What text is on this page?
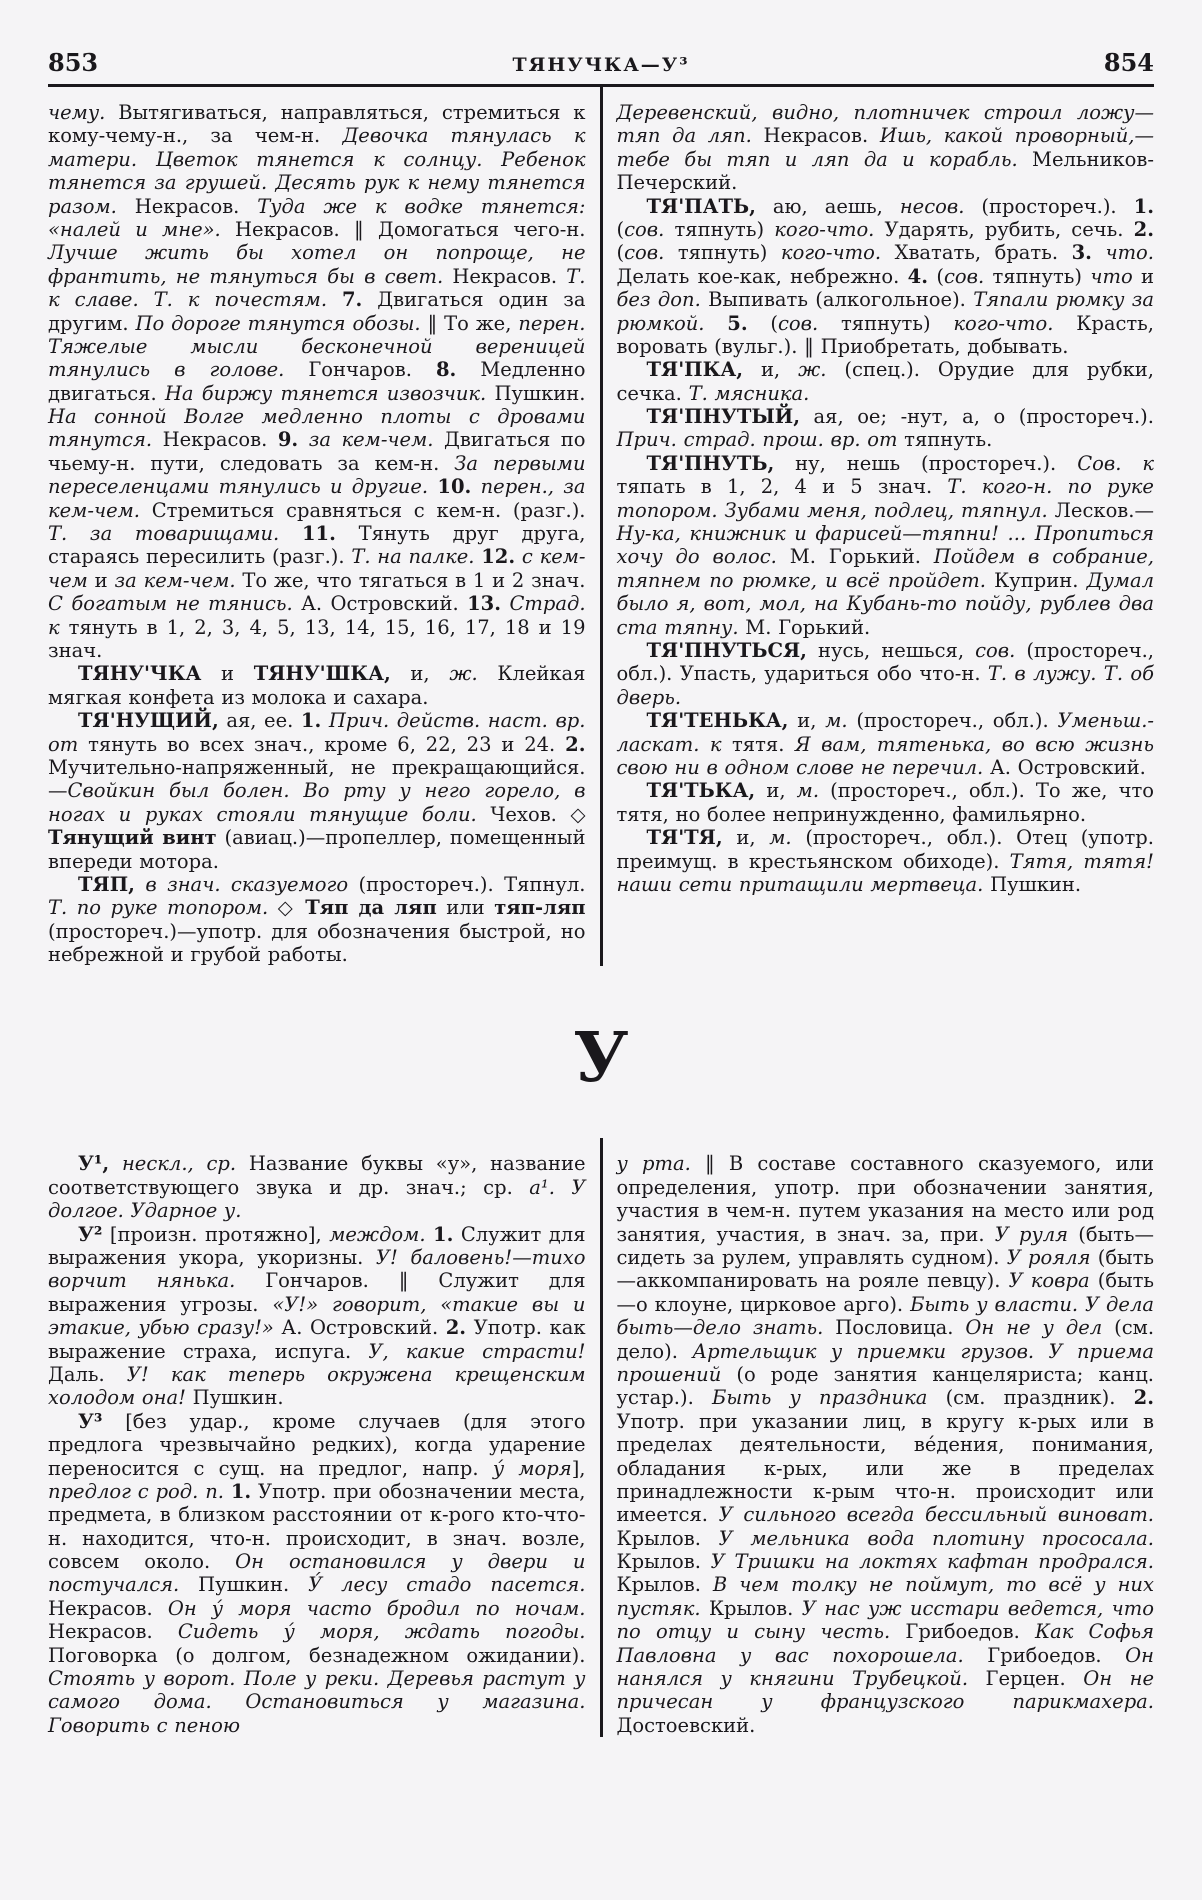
853	ТЯНУЧКА—У³	854

чему. Вытягиваться, направляться, стремиться к кому-чему-н., за чем-н. Девочка тянулась к матери. Цветок тянется к солнцу. Ребенок тянется за грушей. Десять рук к нему тянется разом. Некрасов. Туда же к водке тянется: «налей и мне». Некрасов. ‖ Домогаться чего-н. Лучше жить бы хотел он попроще, не франтить, не тянуться бы в свет. Некрасов. Т. к славе. Т. к почестям. 7. Двигаться один за другим. По дороге тянутся обозы. ‖ То же, перен. Тяжелые мысли бесконечной вереницей тянулись в голове. Гончаров. 8. Медленно двигаться. На биржу тянется извозчик. Пушкин. На сонной Волге медленно плоты с дровами тянутся. Некрасов. 9. за кем-чем. Двигаться по чьему-н. пути, следовать за кем-н. За первыми переселенцами тянулись и другие. 10. перен., за кем-чем. Стремиться сравняться с кем-н. (разг.). Т. за товарищами. 11. Тянуть друг друга, стараясь пересилить (разг.). Т. на палке. 12. с кем-чем и за кем-чем. То же, что тягаться в 1 и 2 знач. С богатым не тянись. А. Островский. 13. Страд. к тянуть в 1, 2, 3, 4, 5, 13, 14, 15, 16, 17, 18 и 19 знач.

ТЯНУ'ЧКА и ТЯНУ'ШКА, и, ж. Клейкая мягкая конфета из молока и сахара.

ТЯ'НУЩИЙ, ая, ее. 1. Прич. действ. наст. вр. от тянуть во всех знач., кроме 6, 22, 23 и 24. 2. Мучительно-напряженный, не прекращающийся.—Свойкин был болен. Во рту у него горело, в ногах и руках стояли тянущие боли. Чехов. ◇ Тянущий винт (авиац.)—пропеллер, помещенный впереди мотора.

ТЯП, в знач. сказуемого (простореч.). Тяпнул. Т. по руке топором. ◇ Тяп да ляп или тяп-ляп (простореч.)—употр. для обозначения быстрой, но небрежной и грубой работы.

Деревенский, видно, плотничек строил ложу—тяп да ляп. Некрасов. Ишь, какой проворный,—тебе бы тяп и ляп да и корабль. Мельников-Печерский.

ТЯ'ПАТЬ, аю, аешь, несов. (простореч.). 1. (сов. тяпнуть) кого-что. Ударять, рубить, сечь. 2. (сов. тяпнуть) кого-что. Хватать, брать. 3. что. Делать кое-как, небрежно. 4. (сов. тяпнуть) что и без доп. Выпивать (алкогольное). Тяпали рюмку за рюмкой. 5. (сов. тяпнуть) кого-что. Красть, воровать (вульг.). ‖ Приобретать, добывать.

ТЯ'ПКА, и, ж. (спец.). Орудие для рубки, сечка. Т. мясника.

ТЯ'ПНУТЫЙ, ая, ое; -нут, а, о (простореч.). Прич. страд. прош. вр. от тяпнуть.

ТЯ'ПНУТЬ, ну, нешь (простореч.). Сов. к тяпать в 1, 2, 4 и 5 знач. Т. кого-н. по руке топором. Зубами меня, подлец, тяпнул. Лесков.—Ну-ка, книжник и фарисей—тяпни! ... Пропиться хочу до волос. М. Горький. Пойдем в собрание, тяпнем по рюмке, и всё пройдет. Куприн. Думал было я, вот, мол, на Кубань-то пойду, рублев два ста тяпну. М. Горький.

ТЯ'ПНУТЬСЯ, нусь, нешься, сов. (простореч., обл.). Упасть, удариться обо что-н. Т. в лужу. Т. об дверь.

ТЯ'ТЕНЬКА, и, м. (простореч., обл.). Уменьш.-ласкат. к тятя. Я вам, тятенька, во всю жизнь свою ни в одном слове не перечил. А. Островский.

ТЯ'ТЬКА, и, м. (простореч., обл.). То же, что тятя, но более непринужденно, фамильярно.

ТЯ'ТЯ, и, м. (простореч., обл.). Отец (употр. преимущ. в крестьянском обиходе). Тятя, тятя! наши сети притащили мертвеца. Пушкин.

У

У¹, нескл., ср. Название буквы «у», название соответствующего звука и др. знач.; ср. а¹. У долгое. Ударное у.

У² [произн. протяжно], междом. 1. Служит для выражения укора, укоризны. У! баловень!—тихо ворчит нянька. Гончаров. ‖ Служит для выражения угрозы. «У!» говорит, «такие вы и этакие, убью сразу!» А. Островский. 2. Употр. как выражение страха, испуга. У, какие страсти! Даль. У! как теперь окружена крещенским холодом она! Пушкин.

У³ [без удар., кроме случаев (для этого предлога чрезвычайно редких), когда ударение переносится с сущ. на предлог, напр. у́ моря], предлог с род. п. 1. Употр. при обозначении места, предмета, в близком расстоянии от к-рого кто-что-н. находится, что-н. происходит, в знач. возле, совсем около. Он остановился у двери и постучался. Пушкин. У́ лесу стадо пасется. Некрасов. Он у́ моря часто бродил по ночам. Некрасов. Сидеть у́ моря, ждать погоды. Поговорка (о долгом, безнадежном ожидании). Стоять у ворот. Поле у реки. Деревья растут у самого дома. Остановиться у магазина. Говорить с пеною

у рта. ‖ В составе составного сказуемого, или определения, употр. при обозначении занятия, участия в чем-н. путем указания на место или род занятия, участия, в знач. за, при. У руля (быть—сидеть за рулем, управлять судном). У рояля (быть—аккомпанировать на рояле певцу). У ковра (быть—о клоуне, цирковое арго). Быть у власти. У дела быть—дело знать. Пословица. Он не у дел (см. дело). Артельщик у приемки грузов. У приема прошений (о роде занятия канцеляриста; канц. устар.). Быть у праздника (см. праздник). 2. Употр. при указании лиц, в кругу к-рых или в пределах деятельности, ве́дения, понимания, обладания к-рых, или же в пределах принадлежности к-рым что-н. происходит или имеется. У сильного всегда бессильный виноват. Крылов. У мельника вода плотину прососала. Крылов. У Тришки на локтях кафтан продрался. Крылов. В чем толку не поймут, то всё у них пустяк. Крылов. У нас уж исстари ведется, что по отцу и сыну честь. Грибоедов. Как Софья Павловна у вас похорошела. Грибоедов. Он нанялся у княгини Трубецкой. Герцен. Он не причесан у французского парикмахера. Достоевский.
